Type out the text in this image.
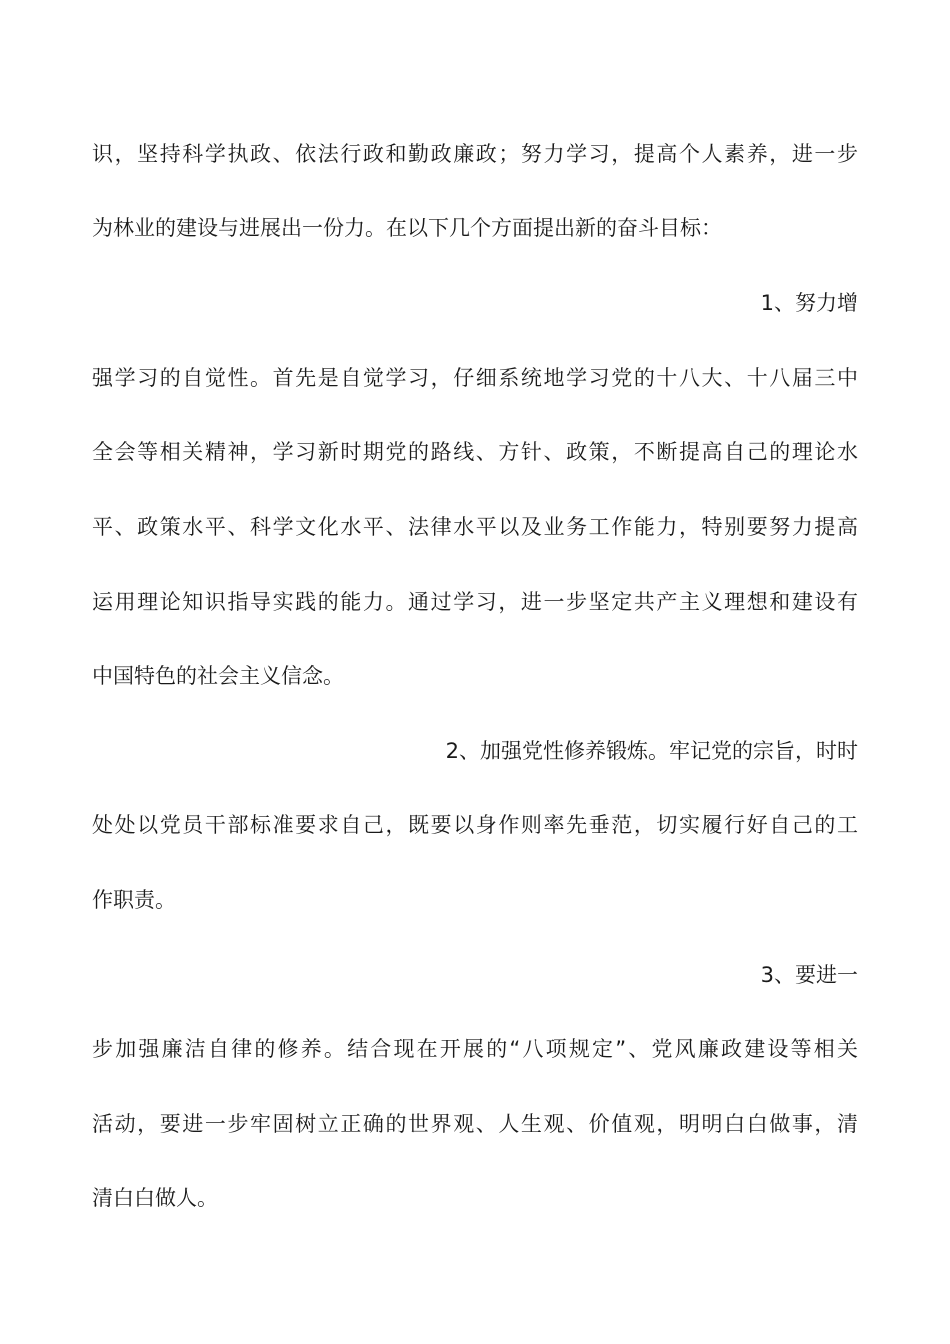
识，坚持科学执政、依法行政和勤政廉政；努力学习，提高个人素养，进一步
为林业的建设与进展出一份力。在以下几个方面提出新的奋斗目标：
1、努力增
强学习的自觉性。首先是自觉学习，仔细系统地学习党的十八大、十八届三中
全会等相关精神，学习新时期党的路线、方针、政策，不断提高自己的理论水
平、政策水平、科学文化水平、法律水平以及业务工作能力，特别要努力提高
运用理论知识指导实践的能力。通过学习，进一步坚定共产主义理想和建设有
中国特色的社会主义信念。
2、加强党性修养锻炼。牢记党的宗旨，时时
处处以党员干部标准要求自己，既要以身作则率先垂范，切实履行好自己的工
作职责。
3、要进一
步加强廉洁自律的修养。结合现在开展的“八项规定”、党风廉政建设等相关
活动，要进一步牢固树立正确的世界观、人生观、价值观，明明白白做事，清
清白白做人。
